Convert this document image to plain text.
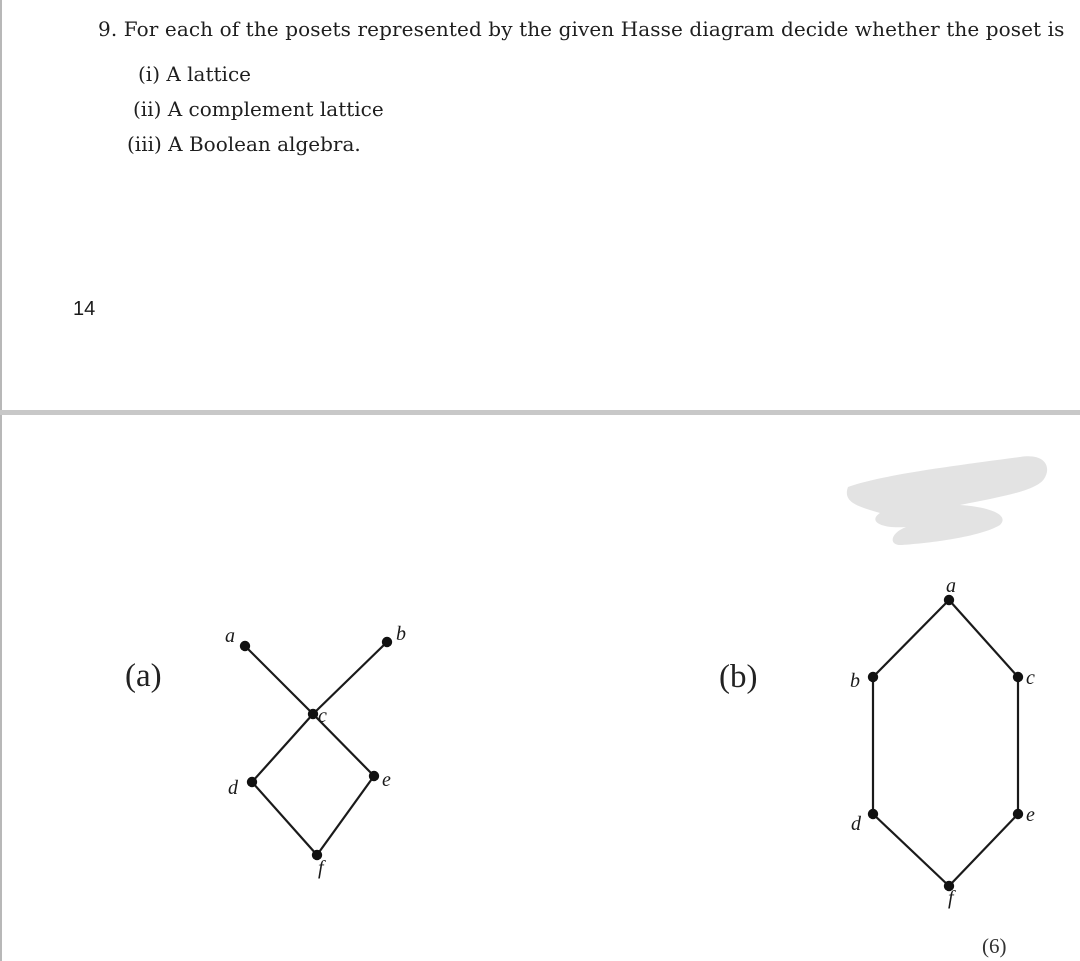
9. For each of the posets represented by the given Hasse diagram decide whether the poset is
(i) A lattice
(ii) A complement lattice
(iii) A Boolean algebra.
14
(a)	(b)
a	b
c
d	e
f
a
b	c
d	e
f
(6)
